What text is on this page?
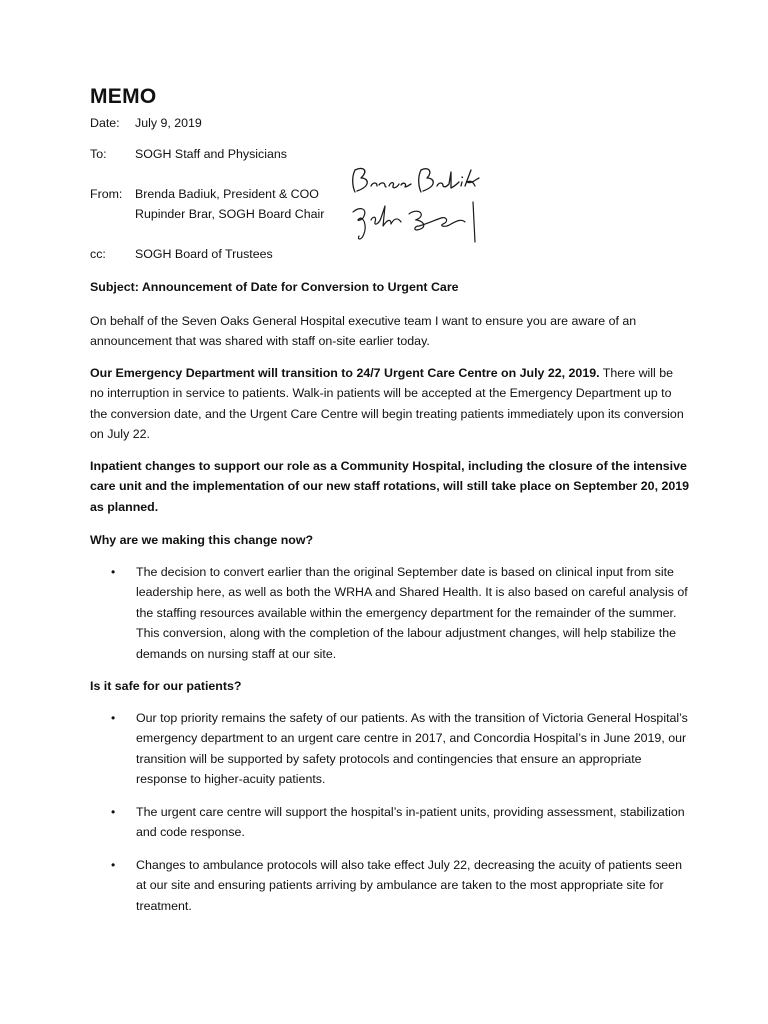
MEMO
Date: July 9, 2019
To: SOGH Staff and Physicians
From: Brenda Badiuk, President & COO
Rupinder Brar, SOGH Board Chair
cc: SOGH Board of Trustees
Subject: Announcement of Date for Conversion to Urgent Care

On behalf of the Seven Oaks General Hospital executive team I want to ensure you are aware of an announcement that was shared with staff on-site earlier today.

Our Emergency Department will transition to 24/7 Urgent Care Centre on July 22, 2019. There will be no interruption in service to patients. Walk-in patients will be accepted at the Emergency Department up to the conversion date, and the Urgent Care Centre will begin treating patients immediately upon its conversion on July 22.

Inpatient changes to support our role as a Community Hospital, including the closure of the intensive care unit and the implementation of our new staff rotations, will still take place on September 20, 2019 as planned.

Why are we making this change now?
• The decision to convert earlier than the original September date is based on clinical input from site leadership here, as well as both the WRHA and Shared Health. It is also based on careful analysis of the staffing resources available within the emergency department for the remainder of the summer. This conversion, along with the completion of the labour adjustment changes, will help stabilize the demands on nursing staff at our site.
Is it safe for our patients?
• Our top priority remains the safety of our patients. As with the transition of Victoria General Hospital’s emergency department to an urgent care centre in 2017, and Concordia Hospital’s in June 2019, our transition will be supported by safety protocols and contingencies that ensure an appropriate response to higher-acuity patients.
• The urgent care centre will support the hospital’s in-patient units, providing assessment, stabilization and code response.
• Changes to ambulance protocols will also take effect July 22, decreasing the acuity of patients seen at our site and ensuring patients arriving by ambulance are taken to the most appropriate site for treatment.
